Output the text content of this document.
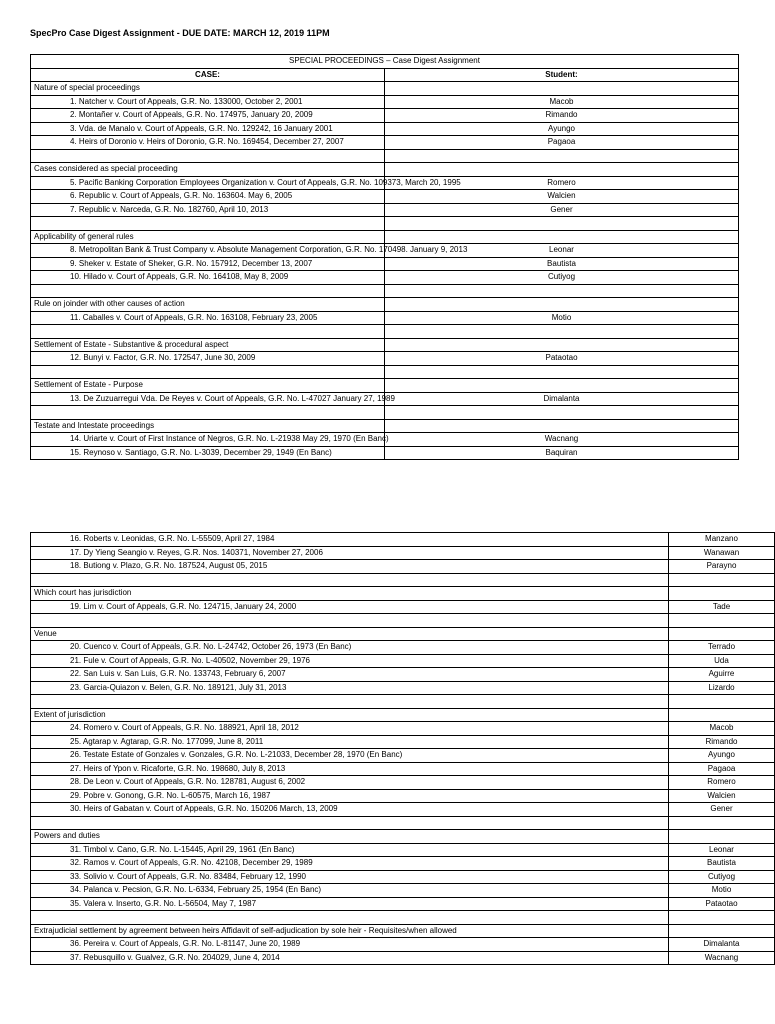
SpecPro Case Digest Assignment - DUE DATE: MARCH 12, 2019 11PM
SPECIAL PROCEEDINGS – Case Digest Assignment	
CASE:	Student:
Nature of special proceedings	
1. Natcher v. Court of Appeals, G.R. No. 133000, October 2, 2001	Macob
2. Montañer v. Court of Appeals, G.R. No. 174975, January 20, 2009	Rimando
3. Vda. de Manalo v. Court of Appeals, G.R. No. 129242, 16 January 2001	Ayungo
4. Heirs of Doronio v. Heirs of Doronio, G.R. No. 169454, December 27, 2007	Pagaoa

Cases considered as special proceeding	
5. Pacific Banking Corporation Employees Organization v. Court of Appeals, G.R. No. 109373, March 20, 1995	Romero
6. Republic v. Court of Appeals, G.R. No. 163604. May 6, 2005	Walcien
7. Republic v. Narceda, G.R. No. 182760, April 10, 2013	Gener

Applicability of general rules	
8. Metropolitan Bank & Trust Company v. Absolute Management Corporation, G.R. No. 170498. January 9, 2013	Leonar
9. Sheker v. Estate of Sheker, G.R. No. 157912, December 13, 2007	Bautista
10. Hilado v. Court of Appeals, G.R. No. 164108, May 8, 2009	Cutiyog

Rule on joinder with other causes of action	
11. Caballes v. Court of Appeals, G.R. No. 163108, February 23, 2005	Motio

Settlement of Estate - Substantive & procedural aspect	
12. Bunyi v. Factor, G.R. No. 172547, June 30, 2009	Pataotao

Settlement of Estate - Purpose	
13. De Zuzuarregui Vda. De Reyes v. Court of Appeals, G.R. No. L-47027 January 27, 1989	Dimalanta

Testate and Intestate proceedings	
14. Uriarte v. Court of First Instance of Negros, G.R. No. L-21938 May 29, 1970 (En Banc)	Wacnang
15. Reynoso v. Santiago, G.R. No. L-3039, December 29, 1949 (En Banc)	Baquiran
16. Roberts v. Leonidas, G.R. No. L-55509, April 27, 1984	Manzano
17. Dy Yieng Seangio v. Reyes, G.R. Nos. 140371, November 27, 2006	Wanawan
18. Butiong v. Plazo, G.R. No. 187524, August 05, 2015	Parayno

Which court has jurisdiction	
19. Lim v. Court of Appeals, G.R. No. 124715, January 24, 2000	Tade

Venue	
20. Cuenco v. Court of Appeals, G.R. No. L-24742, October 26, 1973 (En Banc)	Terrado
21. Fule v. Court of Appeals, G.R. No. L-40502, November 29, 1976	Uda
22. San Luis v. San Luis, G.R. No. 133743, February 6, 2007	Aguirre
23. Garcia-Quiazon v. Belen, G.R. No. 189121, July 31, 2013	Lizardo

Extent of jurisdiction	
24. Romero v. Court of Appeals, G.R. No. 188921, April 18, 2012	Macob
25. Agtarap v. Agtarap, G.R. No. 177099, June 8, 2011	Rimando
26. Testate Estate of Gonzales v. Gonzales, G.R. No. L-21033, December 28, 1970 (En Banc)	Ayungo
27. Heirs of Ypon v. Ricaforte, G.R. No. 198680, July 8, 2013	Pagaoa
28. De Leon v. Court of Appeals, G.R. No. 128781, August 6, 2002	Romero
29. Pobre v. Gonong, G.R. No. L-60575, March 16, 1987	Walcien
30. Heirs of Gabatan v. Court of Appeals, G.R. No. 150206 March, 13, 2009	Gener

Powers and duties	
31. Timbol v. Cano, G.R. No. L-15445, April 29, 1961 (En Banc)	Leonar
32. Ramos v. Court of Appeals, G.R. No. 42108, December 29, 1989	Bautista
33. Solivio v. Court of Appeals, G.R. No. 83484, February 12, 1990	Cutiyog
34. Palanca v. Pecsion, G.R. No. L-6334, February 25, 1954 (En Banc)	Motio
35. Valera v. Inserto, G.R. No. L-56504, May 7, 1987	Pataotao

Extrajudicial settlement by agreement between heirs Affidavit of self-adjudication by sole heir - Requisites/when allowed	
36. Pereira v. Court of Appeals, G.R. No. L-81147, June 20, 1989	Dimalanta
37. Rebusquillo v. Gualvez, G.R. No. 204029, June 4, 2014	Wacnang
